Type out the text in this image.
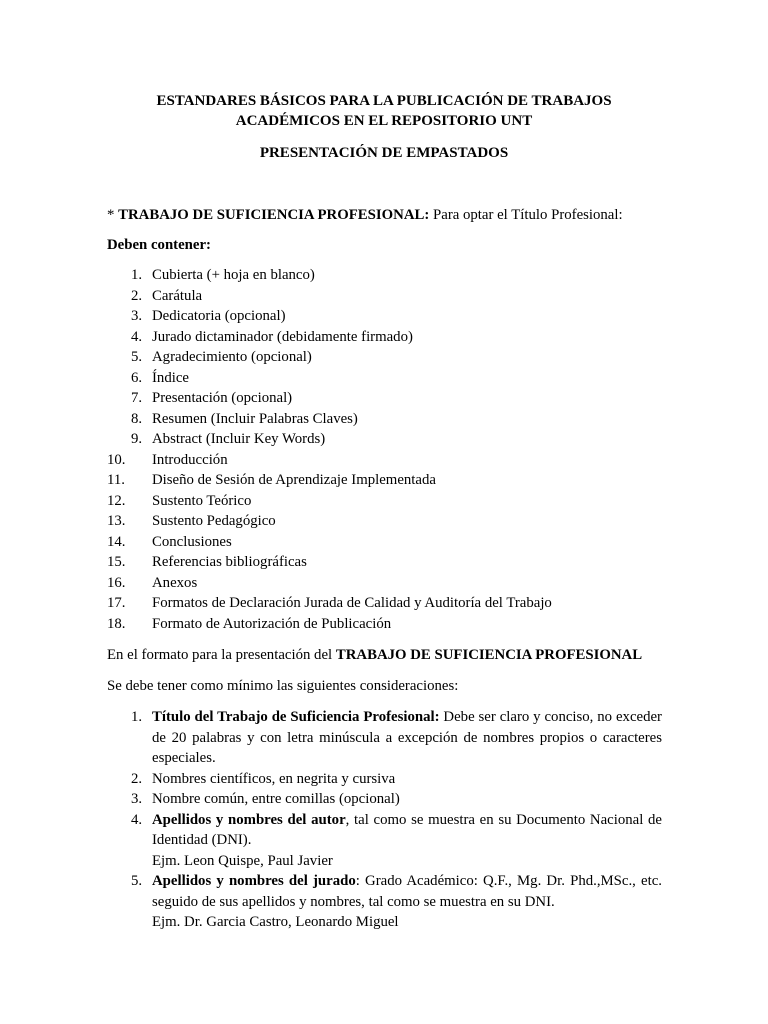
ESTANDARES BÁSICOS PARA LA PUBLICACIÓN DE TRABAJOS
ACADÉMICOS EN EL REPOSITORIO UNT
PRESENTACIÓN DE EMPASTADOS
* TRABAJO DE SUFICIENCIA PROFESIONAL: Para optar el Título Profesional:
Deben contener:
1. Cubierta (+ hoja en blanco)
2. Carátula
3. Dedicatoria (opcional)
4. Jurado dictaminador (debidamente firmado)
5. Agradecimiento (opcional)
6. Índice
7. Presentación (opcional)
8. Resumen (Incluir Palabras Claves)
9. Abstract (Incluir Key Words)
10. Introducción
11. Diseño de Sesión de Aprendizaje Implementada
12. Sustento Teórico
13. Sustento Pedagógico
14. Conclusiones
15. Referencias bibliográficas
16. Anexos
17. Formatos de Declaración Jurada de Calidad y Auditoría del Trabajo
18. Formato de Autorización de Publicación
En el formato para la presentación del TRABAJO DE SUFICIENCIA PROFESIONAL
Se debe tener como mínimo las siguientes consideraciones:
1. Título del Trabajo de Suficiencia Profesional: Debe ser claro y conciso, no exceder
de 20 palabras y con letra minúscula a excepción de nombres propios o caracteres
especiales.
2. Nombres científicos, en negrita y cursiva
3. Nombre común, entre comillas (opcional)
4. Apellidos y nombres del autor, tal como se muestra en su Documento Nacional de
Identidad (DNI).
Ejm. Leon Quispe, Paul Javier
5. Apellidos y nombres del jurado: Grado Académico: Q.F., Mg. Dr. Phd.,MSc., etc.
seguido de sus apellidos y nombres, tal como se muestra en su DNI.
Ejm. Dr. Garcia Castro, Leonardo Miguel
